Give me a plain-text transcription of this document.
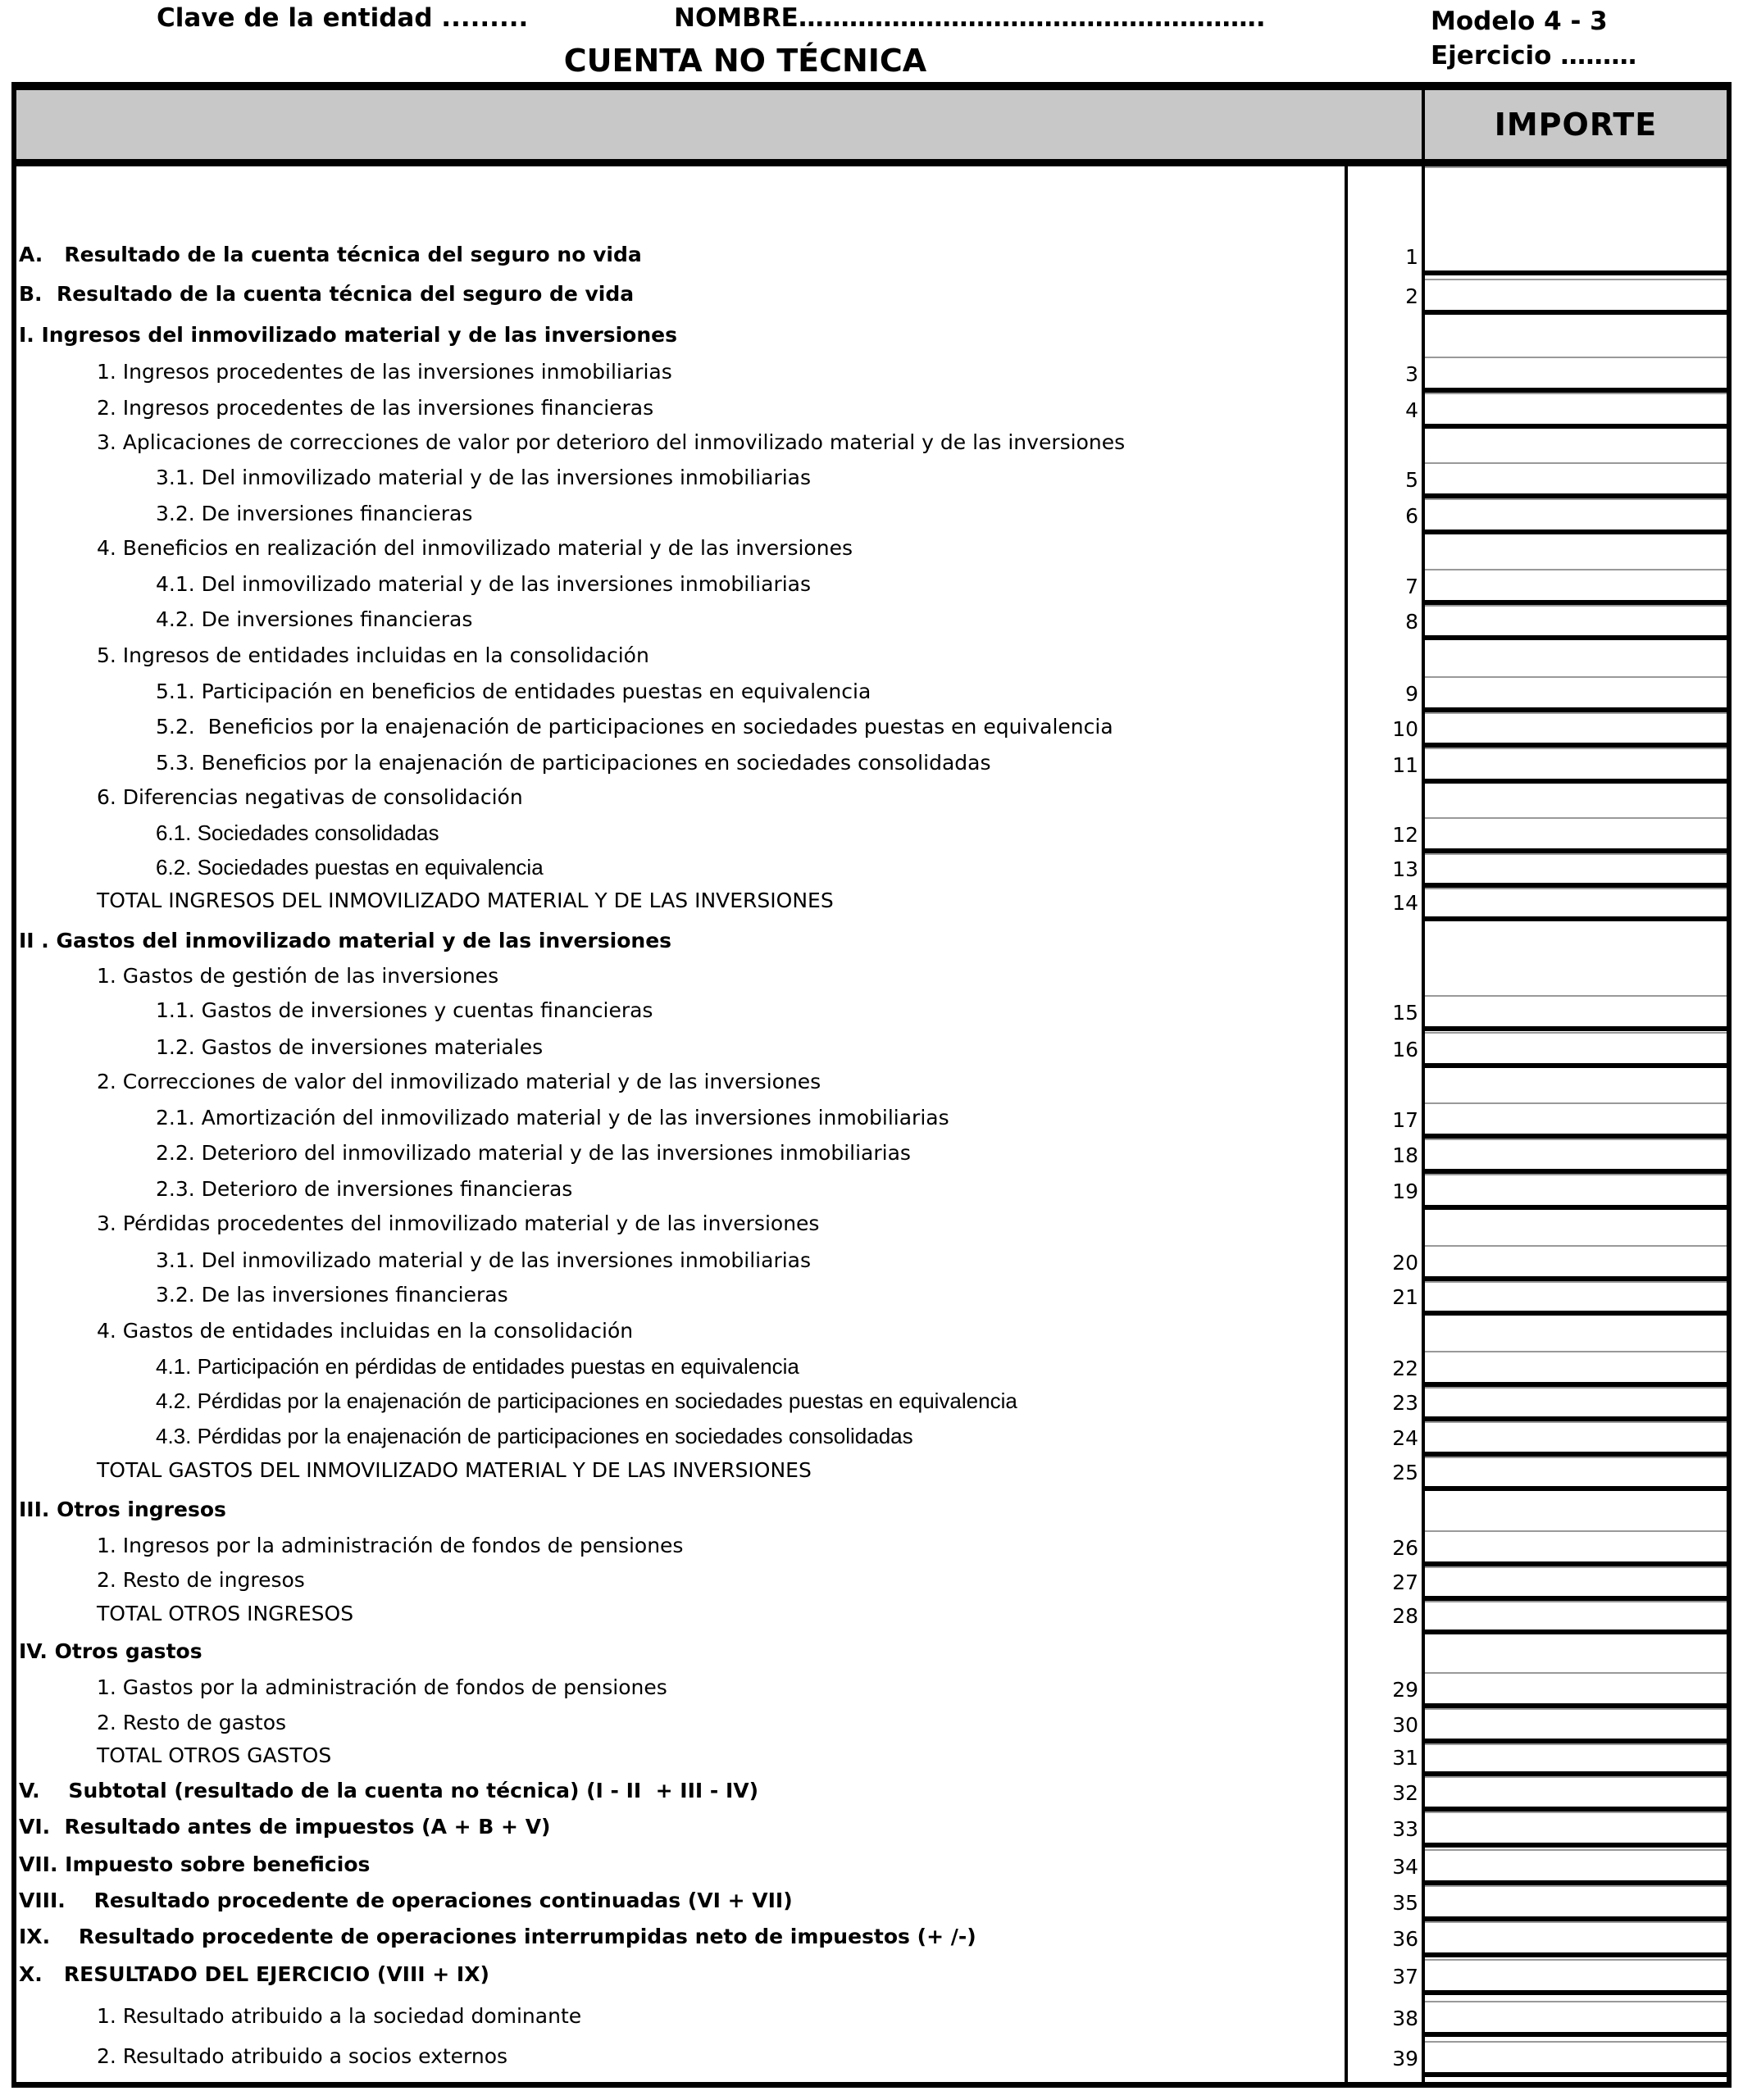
Clave de la entidad .........	NOMBRE……………………………………………….	Modelo 4 - 3
Ejercicio ………
CUENTA NO TÉCNICA
IMPORTE
A.   Resultado de la cuenta técnica del seguro no vida	1
B.  Resultado de la cuenta técnica del seguro de vida	2
I. Ingresos del inmovilizado material y de las inversiones
1. Ingresos procedentes de las inversiones inmobiliarias	3
2. Ingresos procedentes de las inversiones financieras	4
3. Aplicaciones de correcciones de valor por deterioro del inmovilizado material y de las inversiones
3.1. Del inmovilizado material y de las inversiones inmobiliarias	5
3.2. De inversiones financieras	6
4. Beneficios en realización del inmovilizado material y de las inversiones
4.1. Del inmovilizado material y de las inversiones inmobiliarias	7
4.2. De inversiones financieras	8
5. Ingresos de entidades incluidas en la consolidación
5.1. Participación en beneficios de entidades puestas en equivalencia	9
5.2.  Beneficios por la enajenación de participaciones en sociedades puestas en equivalencia	10
5.3. Beneficios por la enajenación de participaciones en sociedades consolidadas	11
6. Diferencias negativas de consolidación
6.1. Sociedades consolidadas	12
6.2. Sociedades puestas en equivalencia	13
TOTAL INGRESOS DEL INMOVILIZADO MATERIAL Y DE LAS INVERSIONES	14
II . Gastos del inmovilizado material y de las inversiones
1. Gastos de gestión de las inversiones
1.1. Gastos de inversiones y cuentas financieras	15
1.2. Gastos de inversiones materiales	16
2. Correcciones de valor del inmovilizado material y de las inversiones
2.1. Amortización del inmovilizado material y de las inversiones inmobiliarias	17
2.2. Deterioro del inmovilizado material y de las inversiones inmobiliarias	18
2.3. Deterioro de inversiones financieras	19
3. Pérdidas procedentes del inmovilizado material y de las inversiones
3.1. Del inmovilizado material y de las inversiones inmobiliarias	20
3.2. De las inversiones financieras	21
4. Gastos de entidades incluidas en la consolidación
4.1. Participación en pérdidas de entidades puestas en equivalencia	22
4.2. Pérdidas por la enajenación de participaciones en sociedades puestas en equivalencia	23
4.3. Pérdidas por la enajenación de participaciones en sociedades consolidadas	24
TOTAL GASTOS DEL INMOVILIZADO MATERIAL Y DE LAS INVERSIONES	25
III. Otros ingresos
1. Ingresos por la administración de fondos de pensiones	26
2. Resto de ingresos	27
TOTAL OTROS INGRESOS	28
IV. Otros gastos
1. Gastos por la administración de fondos de pensiones	29
2. Resto de gastos	30
TOTAL OTROS GASTOS	31
V.    Subtotal (resultado de la cuenta no técnica) (I - II  + III - IV)	32
VI.  Resultado antes de impuestos (A + B + V)	33
VII. Impuesto sobre beneficios	34
VIII.    Resultado procedente de operaciones continuadas (VI + VII)	35
IX.    Resultado procedente de operaciones interrumpidas neto de impuestos (+ /-)	36
X.   RESULTADO DEL EJERCICIO (VIII + IX)	37
1. Resultado atribuido a la sociedad dominante	38
2. Resultado atribuido a socios externos	39
